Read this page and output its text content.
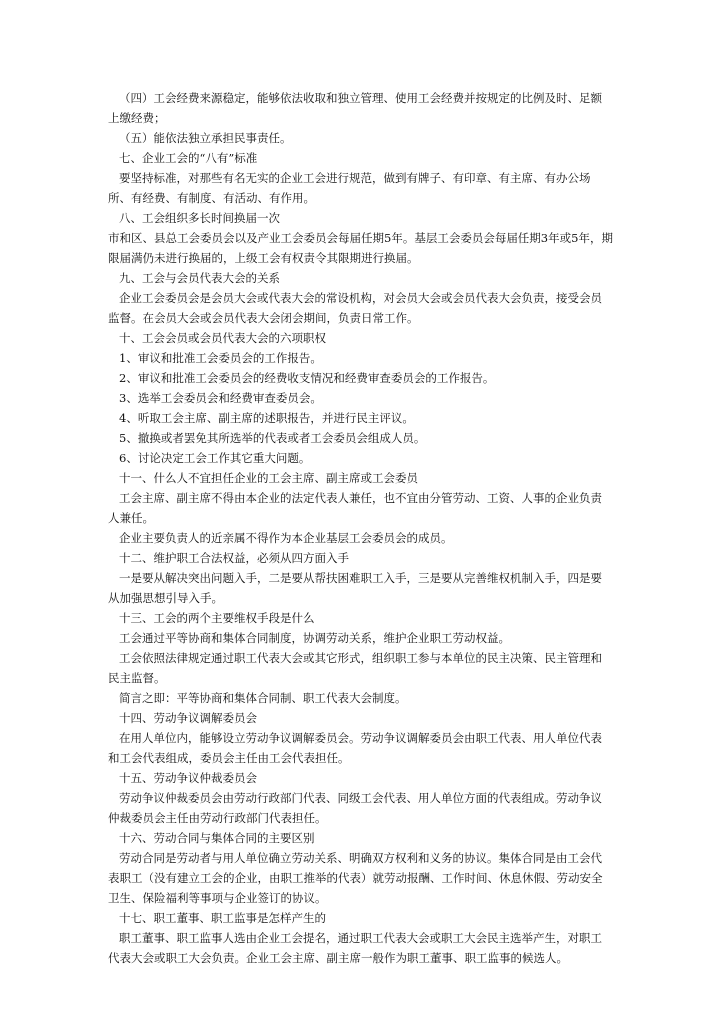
（四）工会经费来源稳定，能够依法收取和独立管理、使用工会经费并按规定的比例及时、足额上缴经费；

（五）能依法独立承担民事责任。

七、企业工会的“八有”标准

要坚持标准，对那些有名无实的企业工会进行规范，做到有牌子、有印章、有主席、有办公场所、有经费、有制度、有活动、有作用。

八、工会组织多长时间换届一次

市和区、县总工会委员会以及产业工会委员会每届任期5年。基层工会委员会每届任期3年或5年，期限届满仍未进行换届的，上级工会有权责令其限期进行换届。

九、工会与会员代表大会的关系

企业工会委员会是会员大会或代表大会的常设机构，对会员大会或会员代表大会负责，接受会员监督。在会员大会或会员代表大会闭会期间，负责日常工作。

十、工会会员或会员代表大会的六项职权

1、审议和批准工会委员会的工作报告。

2、审议和批准工会委员会的经费收支情况和经费审查委员会的工作报告。

3、选举工会委员会和经费审查委员会。

4、听取工会主席、副主席的述职报告，并进行民主评议。

5、撤换或者罢免其所选举的代表或者工会委员会组成人员。

6、讨论决定工会工作其它重大问题。

十一、什么人不宜担任企业的工会主席、副主席或工会委员

工会主席、副主席不得由本企业的法定代表人兼任，也不宜由分管劳动、工资、人事的企业负责人兼任。

企业主要负责人的近亲属不得作为本企业基层工会委员会的成员。

十二、维护职工合法权益，必须从四方面入手

一是要从解决突出问题入手，二是要从帮扶困难职工入手，三是要从完善维权机制入手，四是要从加强思想引导入手。

十三、工会的两个主要维权手段是什么

工会通过平等协商和集体合同制度，协调劳动关系，维护企业职工劳动权益。

工会依照法律规定通过职工代表大会或其它形式，组织职工参与本单位的民主决策、民主管理和民主监督。

简言之即：平等协商和集体合同制、职工代表大会制度。

十四、劳动争议调解委员会

在用人单位内，能够设立劳动争议调解委员会。劳动争议调解委员会由职工代表、用人单位代表和工会代表组成，委员会主任由工会代表担任。

十五、劳动争议仲裁委员会

劳动争议仲裁委员会由劳动行政部门代表、同级工会代表、用人单位方面的代表组成。劳动争议仲裁委员会主任由劳动行政部门代表担任。

十六、劳动合同与集体合同的主要区别

劳动合同是劳动者与用人单位确立劳动关系、明确双方权利和义务的协议。集体合同是由工会代表职工（没有建立工会的企业，由职工推举的代表）就劳动报酬、工作时间、休息休假、劳动安全卫生、保险福利等事项与企业签订的协议。

十七、职工董事、职工监事是怎样产生的

职工董事、职工监事人选由企业工会提名，通过职工代表大会或职工大会民主选举产生，对职工代表大会或职工大会负责。企业工会主席、副主席一般作为职工董事、职工监事的候选人。
